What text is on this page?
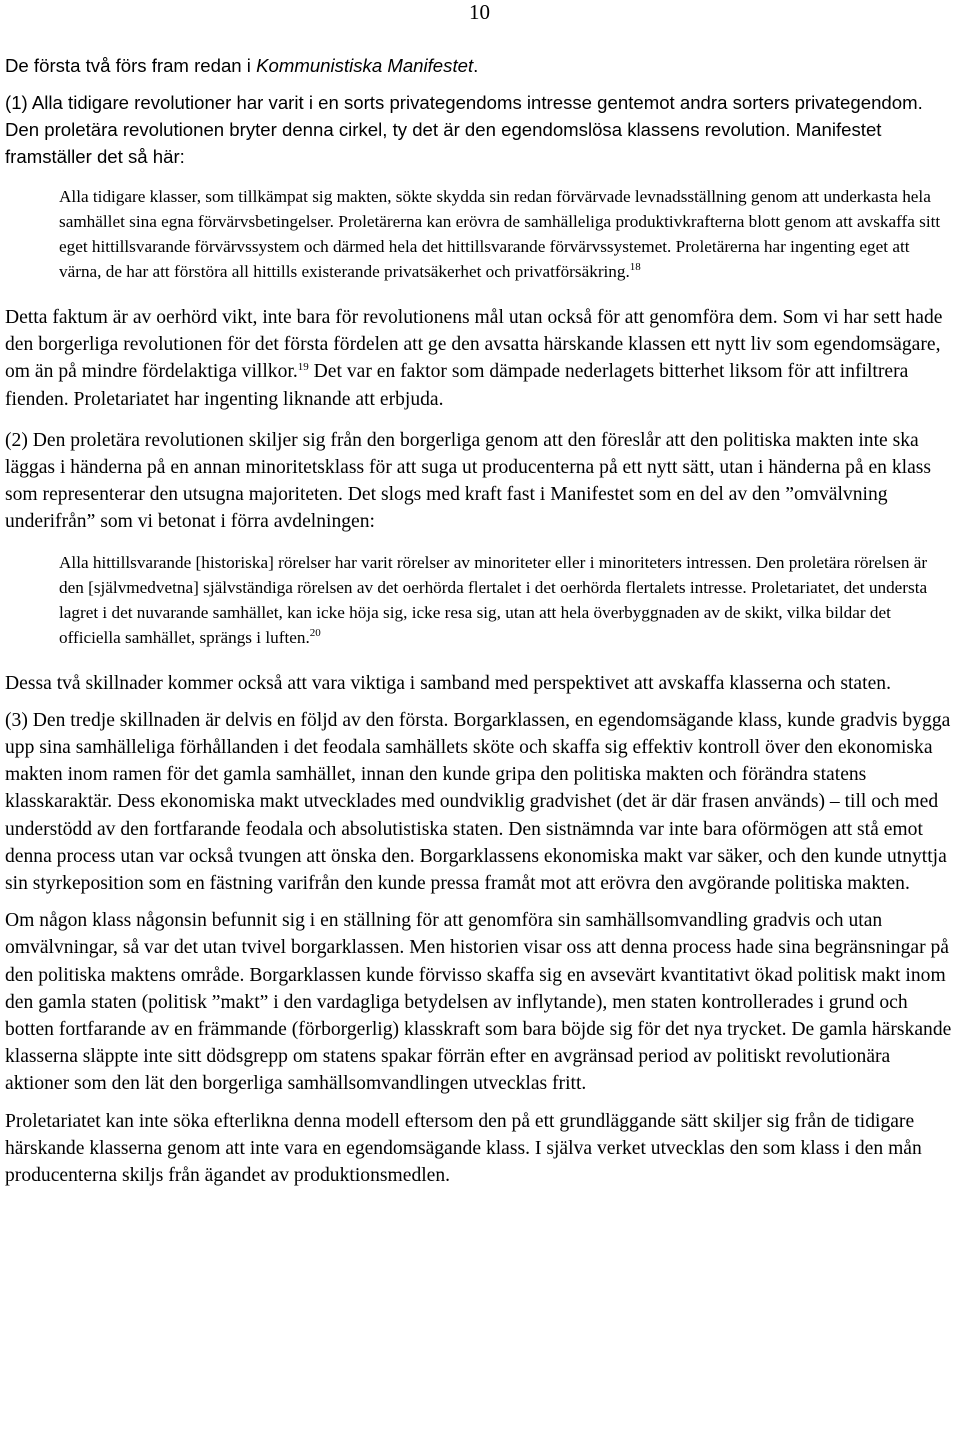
10

De första två förs fram redan i Kommunistiska Manifestet.

(1) Alla tidigare revolutioner har varit i en sorts privategendoms intresse gentemot andra sorters privategendom. Den proletära revolutionen bryter denna cirkel, ty det är den egendomslösa klassens revolution. Manifestet framställer det så här:

Alla tidigare klasser, som tillkämpat sig makten, sökte skydda sin redan förvärvade levnadsställning genom att underkasta hela samhället sina egna förvärvsbetingelser. Proletärerna kan erövra de samhälleliga produktivkrafterna blott genom att avskaffa sitt eget hittillsvarande förvärvssystem och därmed hela det hittillsvarande förvärvssystemet. Proletärerna har ingenting eget att värna, de har att förstöra all hittills existerande privatsäkerhet och privatförsäkring.$^{18}$

Detta faktum är av oerhörd vikt, inte bara för revolutionens mål utan också för att genomföra dem. Som vi har sett hade den borgerliga revolutionen för det första fördelen att ge den avsatta härskande klassen ett nytt liv som egendomsägare, om än på mindre fördelaktiga villkor.$^{19}$ Det var en faktor som dämpade nederlagets bitterhet liksom för att infiltrera fienden. Proletariatet har ingenting liknande att erbjuda.

(2) Den proletära revolutionen skiljer sig från den borgerliga genom att den föreslår att den politiska makten inte ska läggas i händerna på en annan minoritetsklass för att suga ut producenterna på ett nytt sätt, utan i händerna på en klass som representerar den utsugna majoriteten. Det slogs med kraft fast i Manifestet som en del av den ”omvälvning underifrån” som vi betonat i förra avdelningen:

Alla hittillsvarande [historiska] rörelser har varit rörelser av minoriteter eller i minoriteters intressen. Den proletära rörelsen är den [självmedvetna] självständiga rörelsen av det oerhörda flertalet i det oerhörda flertalets intresse. Proletariatet, det understa lagret i det nuvarande samhället, kan icke höja sig, icke resa sig, utan att hela överbyggnaden av de skikt, vilka bildar det officiella samhället, sprängs i luften.$^{20}$

Dessa två skillnader kommer också att vara viktiga i samband med perspektivet att avskaffa klasserna och staten.

(3) Den tredje skillnaden är delvis en följd av den första. Borgarklassen, en egendomsägande klass, kunde gradvis bygga upp sina samhälleliga förhållanden i det feodala samhällets sköte och skaffa sig effektiv kontroll över den ekonomiska makten inom ramen för det gamla samhället, innan den kunde gripa den politiska makten och förändra statens klasskaraktär. Dess ekonomiska makt utvecklades med oundviklig gradvishet (det är där frasen används) – till och med understödd av den fortfarande feodala och absolutistiska staten. Den sistnämnda var inte bara oförmögen att stå emot denna process utan var också tvungen att önska den. Borgarklassens ekonomiska makt var säker, och den kunde utnyttja sin styrkeposition som en fästning varifrån den kunde pressa framåt mot att erövra den avgörande politiska makten.

Om någon klass någonsin befunnit sig i en ställning för att genomföra sin samhällsomvandling gradvis och utan omvälvningar, så var det utan tvivel borgarklassen. Men historien visar oss att denna process hade sina begränsningar på den politiska maktens område. Borgarklassen kunde förvisso skaffa sig en avsevärt kvantitativt ökad politisk makt inom den gamla staten (politisk ”makt” i den vardagliga betydelsen av inflytande), men staten kontrollerades i grund och botten fortfarande av en främmande (förborgerlig) klasskraft som bara böjde sig för det nya trycket. De gamla härskande klasserna släppte inte sitt dödsgrepp om statens spakar förrän efter en avgränsad period av politiskt revolutionära aktioner som den lät den borgerliga samhällsomvandlingen utvecklas fritt.

Proletariatet kan inte söka efterlikna denna modell eftersom den på ett grundläggande sätt skiljer sig från de tidigare härskande klasserna genom att inte vara en egendomsägande klass. I själva verket utvecklas den som klass i den mån producenterna skiljs från ägandet av produktionsmedlen.
